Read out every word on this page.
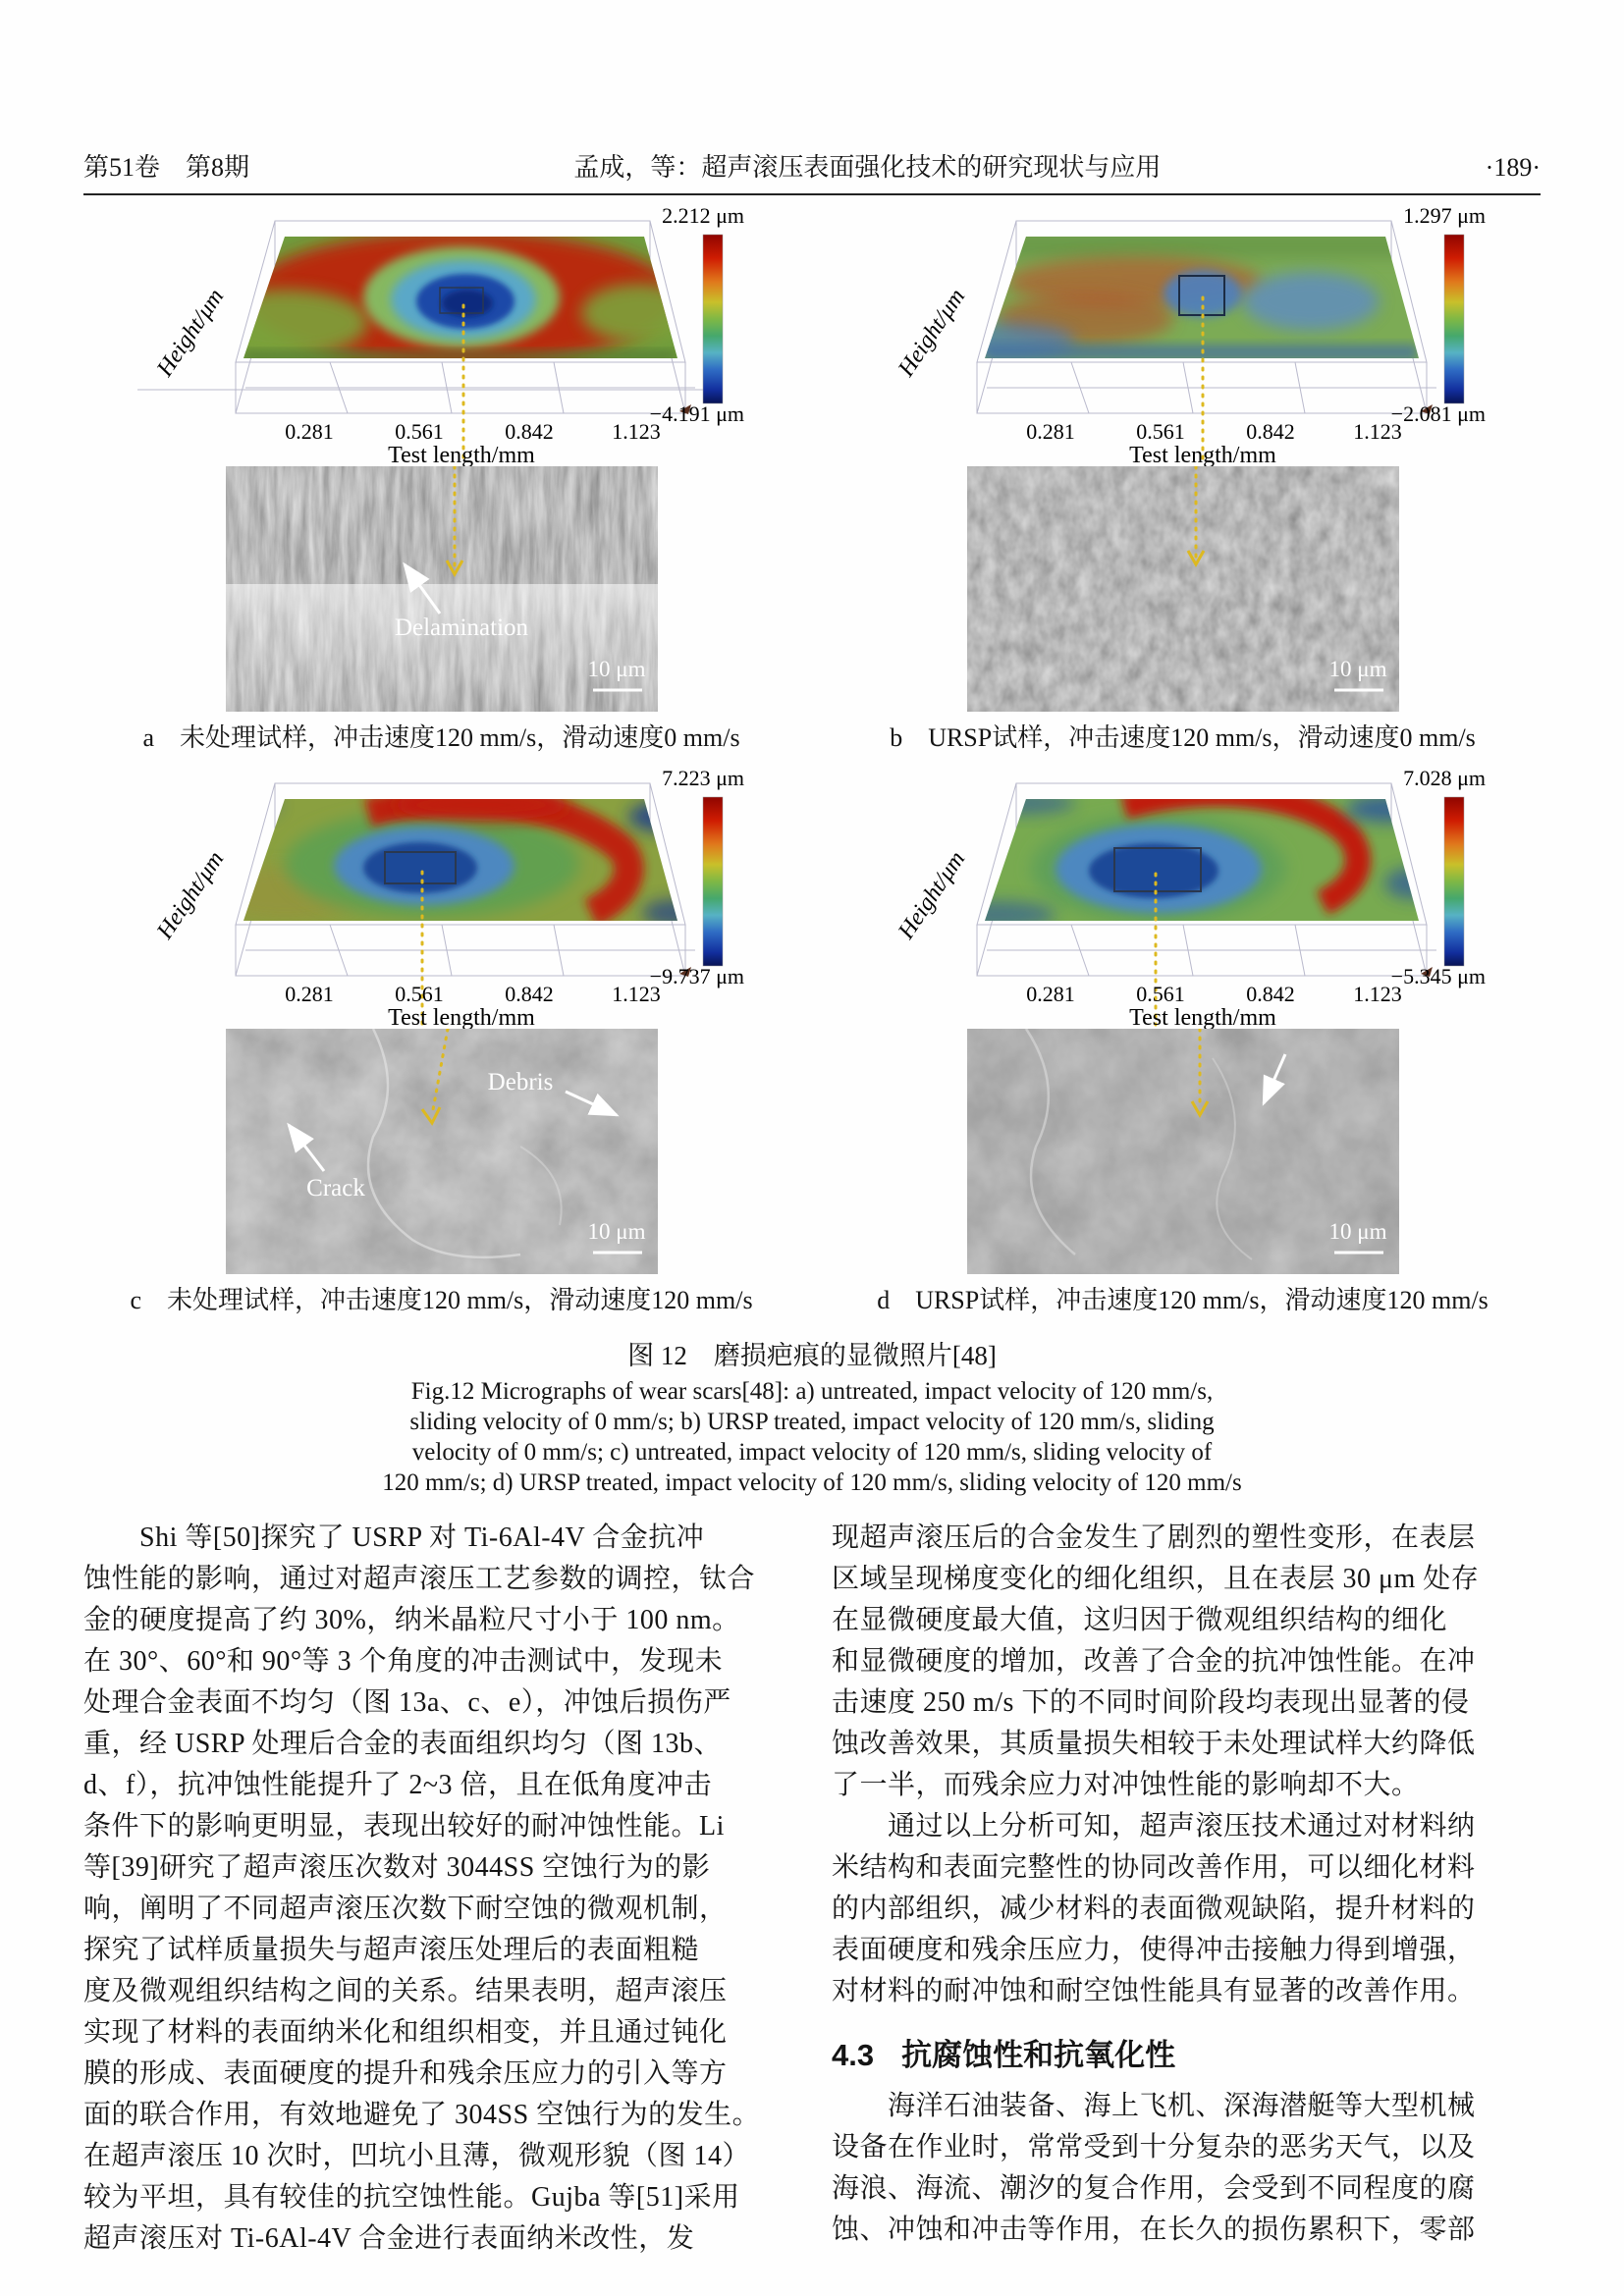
第51卷　第8期	孟成，等：超声滚压表面强化技术的研究现状与应用	·189·
Height/μm
0.281	0.561	0.842	1.123
Test length/mm
2.212 μm
−4.191 μm
Delamination
10 μm
a　未处理试样，冲击速度120 mm/s，滑动速度0 mm/s
Height/μm
0.281	0.561	0.842	1.123
Test length/mm
1.297 μm
−2.081 μm
10 μm
b　URSP试样，冲击速度120 mm/s，滑动速度0 mm/s
Height/μm
0.281	0.561	0.842	1.123
Test length/mm
7.223 μm
−9.737 μm
Debris
Crack
10 μm
c　未处理试样，冲击速度120 mm/s，滑动速度120 mm/s
Height/μm
0.281	0.561	0.842	1.123
Test length/mm
7.028 μm
−5.345 μm
10 μm
d　URSP试样，冲击速度120 mm/s，滑动速度120 mm/s
图 12　磨损疤痕的显微照片[48]
Fig.12 Micrographs of wear scars[48]: a) untreated, impact velocity of 120 mm/s,
sliding velocity of 0 mm/s; b) URSP treated, impact velocity of 120 mm/s, sliding
velocity of 0 mm/s; c) untreated, impact velocity of 120 mm/s, sliding velocity of
120 mm/s; d) URSP treated, impact velocity of 120 mm/s, sliding velocity of 120 mm/s
　　Shi 等[50]探究了 USRP 对 Ti-6Al-4V 合金抗冲
蚀性能的影响，通过对超声滚压工艺参数的调控，钛合
金的硬度提高了约 30%，纳米晶粒尺寸小于 100 nm。
在 30°、60°和 90°等 3 个角度的冲击测试中，发现未
处理合金表面不均匀（图 13a、c、e），冲蚀后损伤严
重，经 USRP 处理后合金的表面组织均匀（图 13b、
d、f），抗冲蚀性能提升了 2~3 倍，且在低角度冲击
条件下的影响更明显，表现出较好的耐冲蚀性能。Li
等[39]研究了超声滚压次数对 3044SS 空蚀行为的影
响，阐明了不同超声滚压次数下耐空蚀的微观机制，
探究了试样质量损失与超声滚压处理后的表面粗糙
度及微观组织结构之间的关系。结果表明，超声滚压
实现了材料的表面纳米化和组织相变，并且通过钝化
膜的形成、表面硬度的提升和残余压应力的引入等方
面的联合作用，有效地避免了 304SS 空蚀行为的发生。
在超声滚压 10 次时，凹坑小且薄，微观形貌（图 14）
较为平坦，具有较佳的抗空蚀性能。Gujba 等[51]采用
超声滚压对 Ti-6Al-4V 合金进行表面纳米改性，发
现超声滚压后的合金发生了剧烈的塑性变形，在表层
区域呈现梯度变化的细化组织，且在表层 30 μm 处存
在显微硬度最大值，这归因于微观组织结构的细化
和显微硬度的增加，改善了合金的抗冲蚀性能。在冲
击速度 250 m/s 下的不同时间阶段均表现出显著的侵
蚀改善效果，其质量损失相较于未处理试样大约降低
了一半，而残余应力对冲蚀性能的影响却不大。
　　通过以上分析可知，超声滚压技术通过对材料纳
米结构和表面完整性的协同改善作用，可以细化材料
的内部组织，减少材料的表面微观缺陷，提升材料的
表面硬度和残余压应力，使得冲击接触力得到增强，
对材料的耐冲蚀和耐空蚀性能具有显著的改善作用。
4.3 抗腐蚀性和抗氧化性
　　海洋石油装备、海上飞机、深海潜艇等大型机械
设备在作业时，常常受到十分复杂的恶劣天气，以及
海浪、海流、潮汐的复合作用，会受到不同程度的腐
蚀、冲蚀和冲击等作用，在长久的损伤累积下，零部
